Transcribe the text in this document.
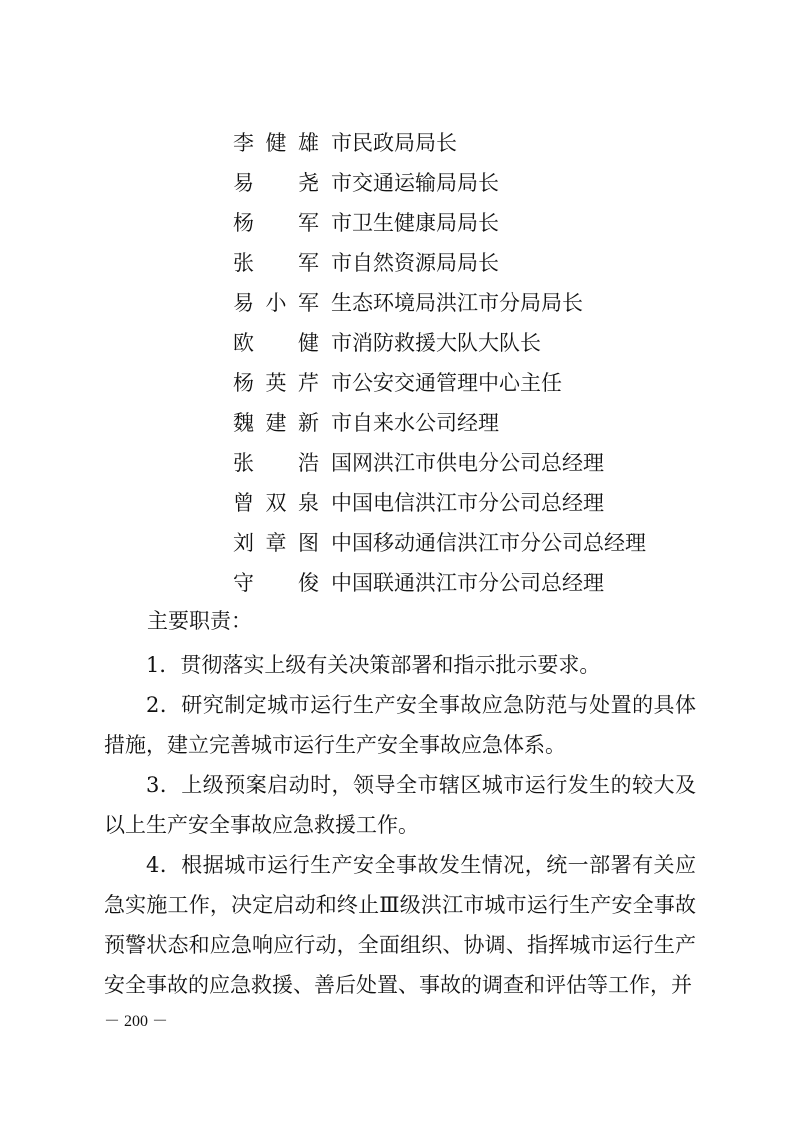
李健雄 市民政局局长
易尧 市交通运输局局长
杨军 市卫生健康局局长
张军 市自然资源局局长
易小军 生态环境局洪江市分局局长
欧健 市消防救援大队大队长
杨英芹 市公安交通管理中心主任
魏建新 市自来水公司经理
张浩 国网洪江市供电分公司总经理
曾双泉 中国电信洪江市分公司总经理
刘章图 中国移动通信洪江市分公司总经理
守俊 中国联通洪江市分公司总经理
主要职责：

1．贯彻落实上级有关决策部署和指示批示要求。

2．研究制定城市运行生产安全事故应急防范与处置的具体措施，建立完善城市运行生产安全事故应急体系。

3．上级预案启动时，领导全市辖区城市运行发生的较大及以上生产安全事故应急救援工作。

4．根据城市运行生产安全事故发生情况，统一部署有关应急实施工作，决定启动和终止Ⅲ级洪江市城市运行生产安全事故预警状态和应急响应行动，全面组织、协调、指挥城市运行生产安全事故的应急救援、善后处置、事故的调查和评估等工作，并

－ 200 －
